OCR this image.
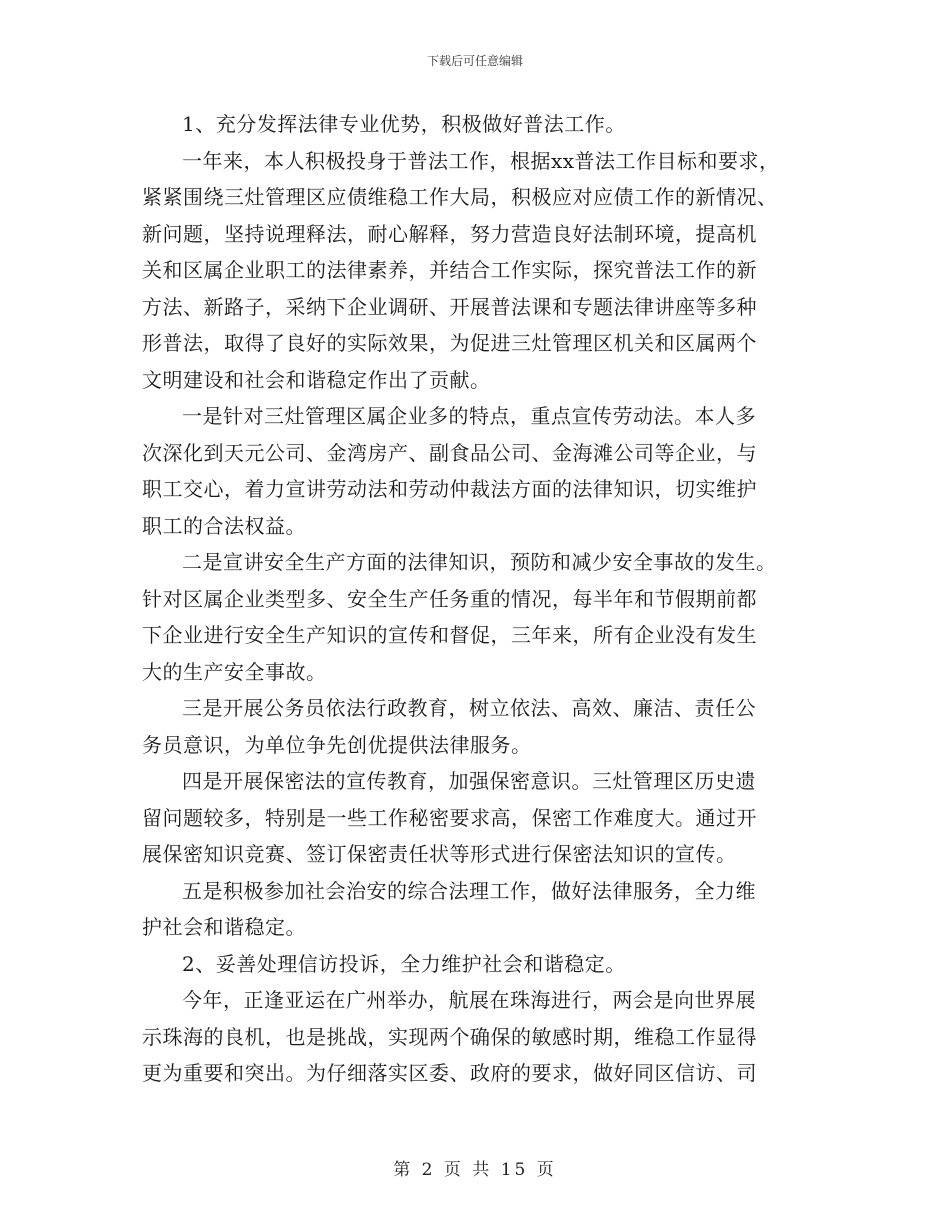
下载后可任意编辑

1、充分发挥法律专业优势，积极做好普法工作。

一年来，本人积极投身于普法工作，根据xx普法工作目标和要求，

紧紧围绕三灶管理区应债维稳工作大局，积极应对应债工作的新情况、

新问题，坚持说理释法，耐心解释，努力营造良好法制环境，提高机

关和区属企业职工的法律素养，并结合工作实际，探究普法工作的新

方法、新路子，采纳下企业调研、开展普法课和专题法律讲座等多种

形普法，取得了良好的实际效果，为促进三灶管理区机关和区属两个

文明建设和社会和谐稳定作出了贡献。

一是针对三灶管理区属企业多的特点，重点宣传劳动法。本人多

次深化到天元公司、金湾房产、副食品公司、金海滩公司等企业，与

职工交心，着力宣讲劳动法和劳动仲裁法方面的法律知识，切实维护

职工的合法权益。

二是宣讲安全生产方面的法律知识，预防和减少安全事故的发生。

针对区属企业类型多、安全生产任务重的情况，每半年和节假期前都

下企业进行安全生产知识的宣传和督促，三年来，所有企业没有发生

大的生产安全事故。

三是开展公务员依法行政教育，树立依法、高效、廉洁、责任公

务员意识，为单位争先创优提供法律服务。

四是开展保密法的宣传教育，加强保密意识。三灶管理区历史遗

留问题较多，特别是一些工作秘密要求高，保密工作难度大。通过开

展保密知识竞赛、签订保密责任状等形式进行保密法知识的宣传。

五是积极参加社会治安的综合法理工作，做好法律服务，全力维

护社会和谐稳定。

2、妥善处理信访投诉，全力维护社会和谐稳定。

今年，正逢亚运在广州举办，航展在珠海进行，两会是向世界展

示珠海的良机，也是挑战，实现两个确保的敏感时期，维稳工作显得

更为重要和突出。为仔细落实区委、政府的要求，做好同区信访、司

第 2 页 共 15 页
